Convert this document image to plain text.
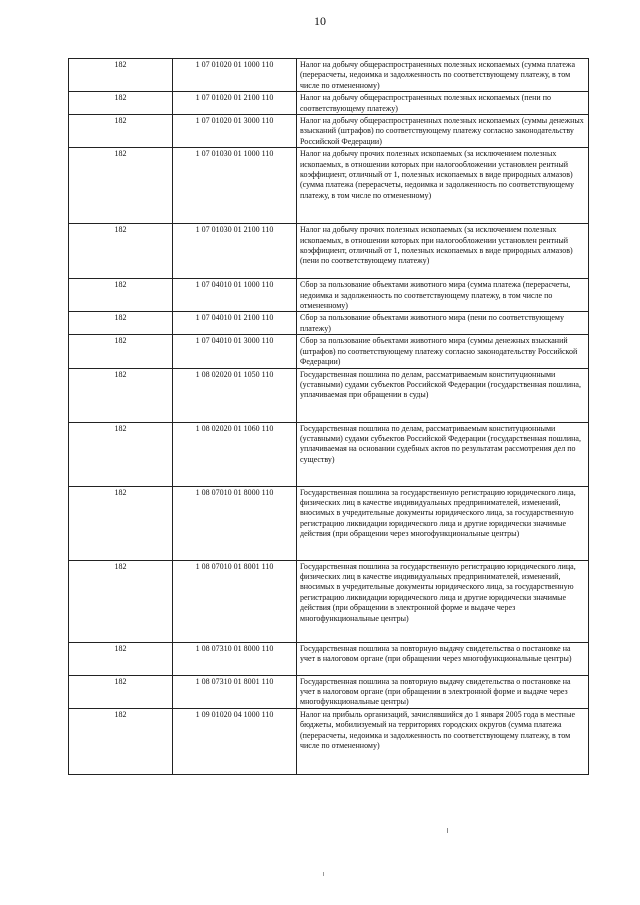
10
182	1 07 01020 01 1000 110	Налог на добычу общераспространенных полезных ископаемых (сумма платежа (перерасчеты, недоимка и задолженность по соответствующему платежу, в том числе по отмененному)
182	1 07 01020 01 2100 110	Налог на добычу общераспространенных полезных ископаемых (пени по соответствующему платежу)
182	1 07 01020 01 3000 110	Налог на добычу общераспространенных полезных ископаемых (суммы денежных взысканий (штрафов) по соответствующему платежу согласно законодательству Российской Федерации)
182	1 07 01030 01 1000 110	Налог на добычу прочих полезных ископаемых (за исключением полезных ископаемых, в отношении которых при налогообложении установлен рентный коэффициент, отличный от 1, полезных ископаемых в виде природных алмазов) (сумма платежа (перерасчеты, недоимка и задолженность по соответствующему платежу, в том числе по отмененному)
182	1 07 01030 01 2100 110	Налог на добычу прочих полезных ископаемых (за исключением полезных ископаемых, в отношении которых при налогообложении установлен рентный коэффициент, отличный от 1, полезных ископаемых в виде природных алмазов) (пени по соответствующему платежу)
182	1 07 04010 01 1000 110	Сбор за пользование объектами животного мира (сумма платежа (перерасчеты, недоимка и задолженность по соответствующему платежу, в том числе по отмененному)
182	1 07 04010 01 2100 110	Сбор за пользование объектами животного мира (пени по соответствующему платежу)
182	1 07 04010 01 3000 110	Сбор за пользование объектами животного мира (суммы денежных взысканий (штрафов) по соответствующему платежу согласно законодательству Российской Федерации)
182	1 08 02020 01 1050 110	Государственная пошлина по делам, рассматриваемым конституционными (уставными) судами субъектов Российской Федерации (государственная пошлина, уплачиваемая при обращении в суды)
182	1 08 02020 01 1060 110	Государственная пошлина по делам, рассматриваемым конституционными (уставными) судами субъектов Российской Федерации (государственная пошлина, уплачиваемая на основании судебных актов по результатам рассмотрения дел по существу)
182	1 08 07010 01 8000 110	Государственная пошлина за государственную регистрацию юридического лица, физических лиц в качестве индивидуальных предпринимателей, изменений, вносимых в учредительные документы юридического лица, за государственную регистрацию ликвидации юридического лица и другие юридически значимые действия (при обращении через многофункциональные центры)
182	1 08 07010 01 8001 110	Государственная пошлина за государственную регистрацию юридического лица, физических лиц в качестве индивидуальных предпринимателей, изменений, вносимых в учредительные документы юридического лица, за государственную регистрацию ликвидации юридического лица и другие юридически значимые действия (при обращении в электронной форме и выдаче через многофункциональные центры)
182	1 08 07310 01 8000 110	Государственная пошлина за повторную выдачу свидетельства о постановке на учет в налоговом органе (при обращении через многофункциональные центры)
182	1 08 07310 01 8001 110	Государственная пошлина за повторную выдачу свидетельства о постановке на учет в налоговом органе (при обращении в электронной форме и выдаче через многофункциональные центры)
182	1 09 01020 04 1000 110	Налог на прибыль организаций, зачислявшийся до 1 января 2005 года в местные бюджеты, мобилизуемый на территориях городских округов (сумма платежа (перерасчеты, недоимка и задолженность по соответствующему платежу, в том числе по отмененному)
